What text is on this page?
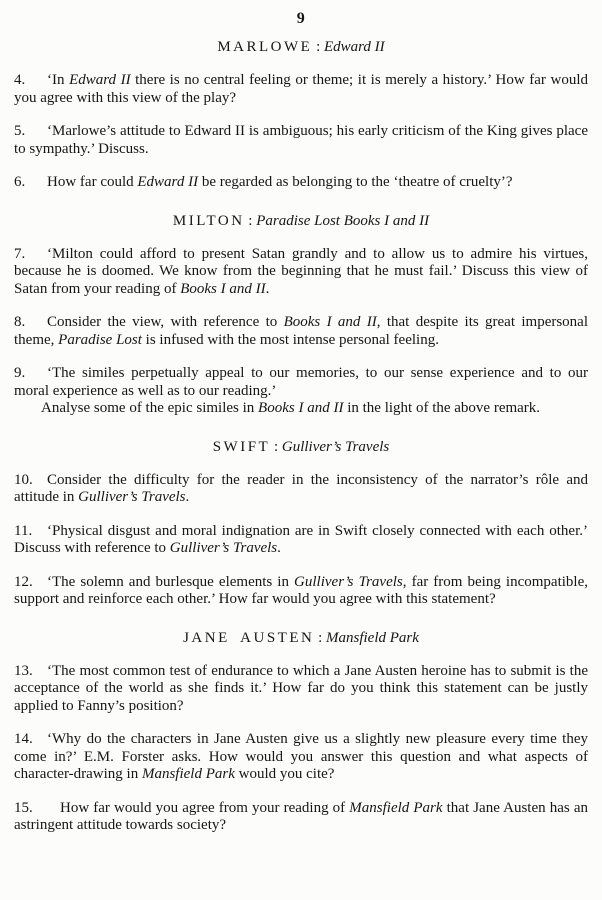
9

MARLOWE : Edward II

4. ‘In Edward II there is no central feeling or theme; it is merely a history.’ How far would you agree with this view of the play?

5. ‘Marlowe’s attitude to Edward II is ambiguous; his early criticism of the King gives place to sympathy.’ Discuss.

6. How far could Edward II be regarded as belonging to the ‘theatre of cruelty’?

MILTON : Paradise Lost Books I and II

7. ‘Milton could afford to present Satan grandly and to allow us to admire his virtues, because he is doomed. We know from the beginning that he must fail.’ Discuss this view of Satan from your reading of Books I and II.

8. Consider the view, with reference to Books I and II, that despite its great impersonal theme, Paradise Lost is infused with the most intense personal feeling.

9. ‘The similes perpetually appeal to our memories, to our sense experience and to our moral experience as well as to our reading.’

Analyse some of the epic similes in Books I and II in the light of the above remark.

SWIFT : Gulliver’s Travels

10. Consider the difficulty for the reader in the inconsistency of the narrator’s rôle and attitude in Gulliver’s Travels.

11. ‘Physical disgust and moral indignation are in Swift closely connected with each other.’ Discuss with reference to Gulliver’s Travels.

12. ‘The solemn and burlesque elements in Gulliver’s Travels, far from being incompatible, support and reinforce each other.’ How far would you agree with this statement?

JANE AUSTEN : Mansfield Park

13. ‘The most common test of endurance to which a Jane Austen heroine has to submit is the acceptance of the world as she finds it.’ How far do you think this statement can be justly applied to Fanny’s position?

14. ‘Why do the characters in Jane Austen give us a slightly new pleasure every time they come in?’ E.M. Forster asks. How would you answer this question and what aspects of character-drawing in Mansfield Park would you cite?

15. How far would you agree from your reading of Mansfield Park that Jane Austen has an astringent attitude towards society?
